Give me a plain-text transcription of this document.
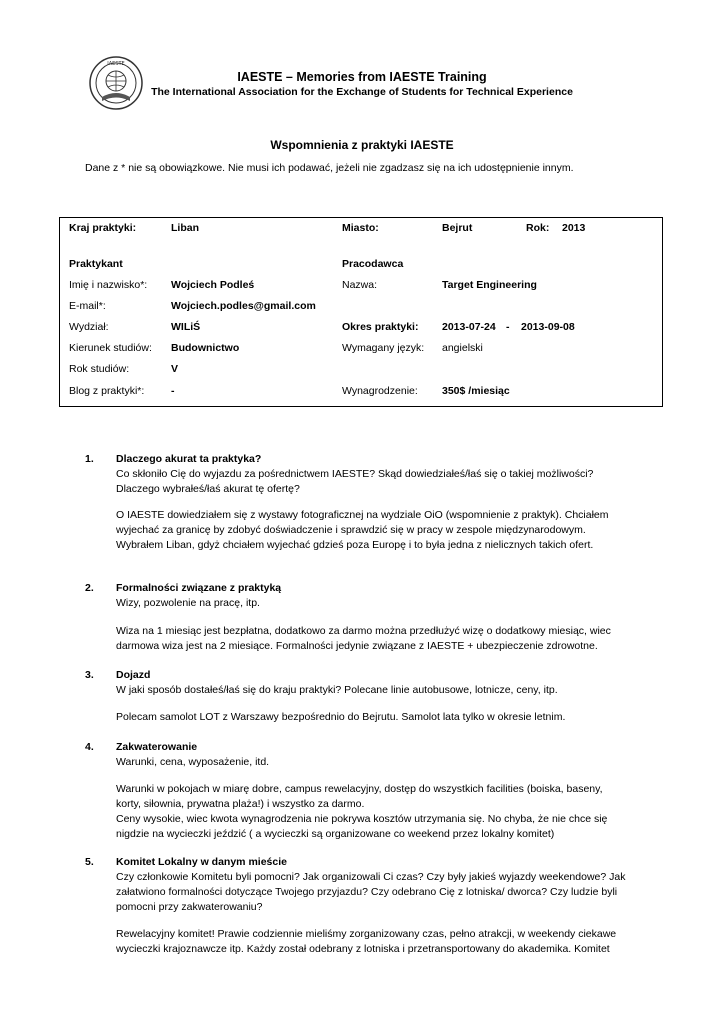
IAESTE
IAESTE – Memories from IAESTE Training
The International Association for the Exchange of Students for Technical Experience
Wspomnienia z praktyki IAESTE
Dane z * nie są obowiązkowe. Nie musi ich podawać, jeżeli nie zgadzasz się na ich udostępnienie innym.
Kraj praktyki:	Liban	Miasto:	Bejrut	Rok: 2013
Praktykant	Pracodawca
Imię i nazwisko*: Wojciech Podleś	Nazwa:	Target Engineering
E-mail*:	Wojciech.podles@gmail.com
Wydział:	WILiŚ	Okres praktyki: 2013-07-24 - 2013-09-08
Kierunek studiów: Budownictwo	Wymagany język: angielski
Rok studiów:	V
Blog z praktyki*:	-	Wynagrodzenie: 350$ /miesiąc
1. Dlaczego akurat ta praktyka?
Co skłoniło Cię do wyjazdu za pośrednictwem IAESTE? Skąd dowiedziałeś/łaś się o takiej możliwości?
Dlaczego wybrałeś/łaś akurat tę ofertę?
O IAESTE dowiedziałem się z wystawy fotograficznej na wydziale OiO (wspomnienie z praktyk). Chciałem
wyjechać za granicę by zdobyć doświadczenie i sprawdzić się w pracy w zespole międzynarodowym.
Wybrałem Liban, gdyż chciałem wyjechać gdzieś poza Europę i to była jedna z nielicznych takich ofert.
2. Formalności związane z praktyką
Wizy, pozwolenie na pracę, itp.
Wiza na 1 miesiąc jest bezpłatna, dodatkowo za darmo można przedłużyć wizę o dodatkowy miesiąc, wiec
darmowa wiza jest na 2 miesiące. Formalności jedynie związane z IAESTE + ubezpieczenie zdrowotne.
3. Dojazd
W jaki sposób dostałeś/łaś się do kraju praktyki? Polecane linie autobusowe, lotnicze, ceny, itp.
Polecam samolot LOT z Warszawy bezpośrednio do Bejrutu. Samolot lata tylko w okresie letnim.
4. Zakwaterowanie
Warunki, cena, wyposażenie, itd.
Warunki w pokojach w miarę dobre, campus rewelacyjny, dostęp do wszystkich facilities (boiska, baseny,
korty, siłownia, prywatna plaża!) i wszystko za darmo.
Ceny wysokie, wiec kwota wynagrodzenia nie pokrywa kosztów utrzymania się. No chyba, że nie chce się
nigdzie na wycieczki jeździć ( a wycieczki są organizowane co weekend przez lokalny komitet)
5. Komitet Lokalny w danym mieście
Czy członkowie Komitetu byli pomocni? Jak organizowali Ci czas? Czy były jakieś wyjazdy weekendowe? Jak
załatwiono formalności dotyczące Twojego przyjazdu? Czy odebrano Cię z lotniska/ dworca? Czy ludzie byli
pomocni przy zakwaterowaniu?
Rewelacyjny komitet! Prawie codziennie mieliśmy zorganizowany czas, pełno atrakcji, w weekendy ciekawe
wycieczki krajoznawcze itp. Każdy został odebrany z lotniska i przetransportowany do akademika. Komitet
